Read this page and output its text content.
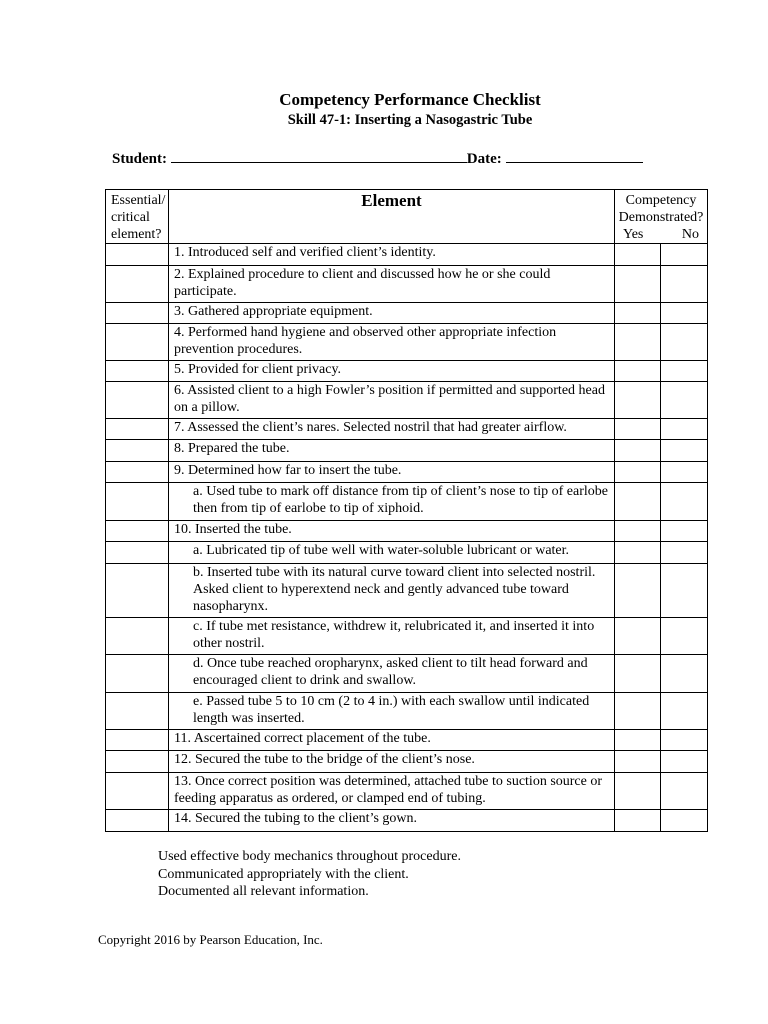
Competency Performance Checklist
Skill 47-1: Inserting a Nasogastric Tube
Student:	Date:
Essential/ critical element?	Element	Competency Demonstrated?
Yes No	

	1. Introduced self and verified client’s identity.		
	2. Explained procedure to client and discussed how he or she could participate.		
	3. Gathered appropriate equipment.		
	4. Performed hand hygiene and observed other appropriate infection prevention procedures.		
	5. Provided for client privacy.		
	6. Assisted client to a high Fowler’s position if permitted and supported head on a pillow.		
	7. Assessed the client’s nares. Selected nostril that had greater airflow.		
	8. Prepared the tube.		
	9. Determined how far to insert the tube.		
	a. Used tube to mark off distance from tip of client’s nose to tip of earlobe then from tip of earlobe to tip of xiphoid.		
	10. Inserted the tube.		
	a. Lubricated tip of tube well with water-soluble lubricant or water.		
	b. Inserted tube with its natural curve toward client into selected nostril. Asked client to hyperextend neck and gently advanced tube toward nasopharynx.		
	c. If tube met resistance, withdrew it, relubricated it, and inserted it into other nostril.		
	d. Once tube reached oropharynx, asked client to tilt head forward and encouraged client to drink and swallow.		
	e. Passed tube 5 to 10 cm (2 to 4 in.) with each swallow until indicated length was inserted.		
	11. Ascertained correct placement of the tube.		
	12. Secured the tube to the bridge of the client’s nose.		
	13. Once correct position was determined, attached tube to suction source or feeding apparatus as ordered, or clamped end of tubing.		
	14. Secured the tubing to the client’s gown.		
Used effective body mechanics throughout procedure.
Communicated appropriately with the client.
Documented all relevant information.
Copyright 2016 by Pearson Education, Inc.
